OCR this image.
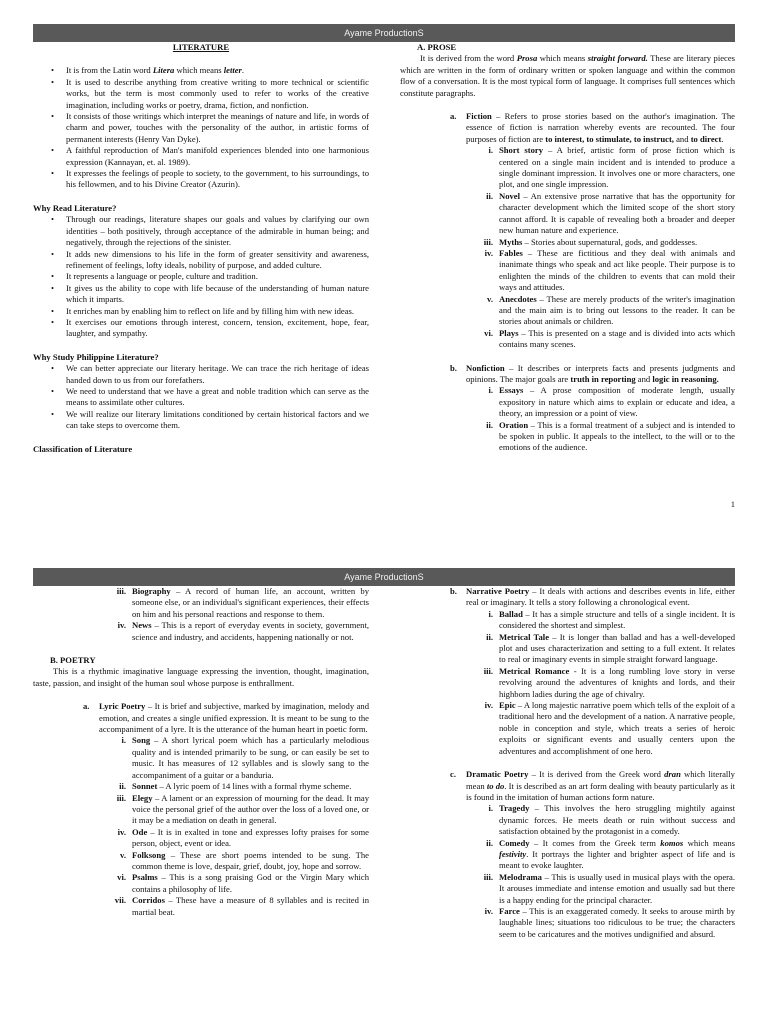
Ayame ProductionS

LITERATURE

• It is from the Latin word Litera which means letter.
• It is used to describe anything from creative writing to more technical or scientific works, but the term is most commonly used to refer to works of the creative imagination, including works or poetry, drama, fiction, and nonfiction.
• It consists of those writings which interpret the meanings of nature and life, in words of charm and power, touches with the personality of the author, in artistic forms of permanent interests (Henry Van Dyke).
• A faithful reproduction of Man's manifold experiences blended into one harmonious expression (Kannayan, et. al. 1989).
• It expresses the feelings of people to society, to the government, to his surroundings, to his fellowmen, and to his Divine Creator (Azurin).

Why Read Literature?

• Through our readings, literature shapes our goals and values by clarifying our own identities – both positively, through acceptance of the admirable in human being; and negatively, through the rejections of the sinister.
• It adds new dimensions to his life in the form of greater sensitivity and awareness, refinement of feelings, lofty ideals, nobility of purpose, and added culture.
• It represents a language or people, culture and tradition.
• It gives us the ability to cope with life because of the understanding of human nature which it imparts.
• It enriches man by enabling him to reflect on life and by filling him with new ideas.
• It exercises our emotions through interest, concern, tension, excitement, hope, fear, laughter, and sympathy.

Why Study Philippine Literature?

• We can better appreciate our literary heritage. We can trace the rich heritage of ideas handed down to us from our forefathers.
• We need to understand that we have a great and noble tradition which can serve as the means to assimilate other cultures.
• We will realize our literary limitations conditioned by certain historical factors and we can take steps to overcome them.

Classification of Literature

A. PROSE

It is derived from the word Prosa which means straight forward. These are literary pieces which are written in the form of ordinary written or spoken language and within the common flow of a conversation. It is the most typical form of language. It comprises full sentences which constitute paragraphs.

a. Fiction – Refers to prose stories based on the author's imagination. The essence of fiction is narration whereby events are recounted. The four purposes of fiction are to interest, to stimulate, to instruct, and to direct.

i. Short story – A brief, artistic form of prose fiction which is centered on a single main incident and is intended to produce a single dominant impression. It involves one or more characters, one plot, and one single impression.

ii. Novel – An extensive prose narrative that has the opportunity for character development which the limited scope of the short story cannot afford. It is capable of revealing both a broader and deeper new human nature and experience.

iii. Myths – Stories about supernatural, gods, and goddesses.

iv. Fables – These are fictitious and they deal with animals and inanimate things who speak and act like people. Their purpose is to enlighten the minds of the children to events that can mold their ways and attitudes.

v. Anecdotes – These are merely products of the writer's imagination and the main aim is to bring out lessons to the reader. It can be stories about animals or children.

vi. Plays – This is presented on a stage and is divided into acts which contains many scenes.

b. Nonfiction – It describes or interprets facts and presents judgments and opinions. The major goals are truth in reporting and logic in reasoning.

i. Essays – A prose composition of moderate length, usually expository in nature which aims to explain or educate and idea, a theory, an impression or a point of view.

ii. Oration – This is a formal treatment of a subject and is intended to be spoken in public. It appeals to the intellect, to the will or to the emotions of the audience.

1
Ayame ProductionS
iii. Biography – A record of human life, an account, written by someone else, or an individual's significant experiences, their effects on him and his personal reactions and response to them.

iv. News – This is a report of everyday events in society, government, science and industry, and accidents, happening nationally or not.

B. POETRY

This is a rhythmic imaginative language expressing the invention, thought, imagination, taste, passion, and insight of the human soul whose purpose is enthrallment.

a. Lyric Poetry – It is brief and subjective, marked by imagination, melody and emotion, and creates a single unified expression. It is meant to be sung to the accompaniment of a lyre. It is the utterance of the human heart in poetic form.

i. Song – A short lyrical poem which has a particularly melodious quality and is intended primarily to be sung, or can easily be set to music. It has measures of 12 syllables and is slowly sang to the accompaniment of a guitar or a banduria.

ii. Sonnet – A lyric poem of 14 lines with a formal rhyme scheme.

iii. Elegy – A lament or an expression of mourning for the dead. It may voice the personal grief of the author over the loss of a loved one, or it may be a mediation on death in general.

iv. Ode – It is in exalted in tone and expresses lofty praises for some person, object, event or idea.

v. Folksong – These are short poems intended to be sung. The common theme is love, despair, grief, doubt, joy, hope and sorrow.

vi. Psalms – This is a song praising God or the Virgin Mary which contains a philosophy of life.

vii. Corridos – These have a measure of 8 syllables and is recited in martial beat.

b. Narrative Poetry – It deals with actions and describes events in life, either real or imaginary. It tells a story following a chronological event.

i. Ballad – It has a simple structure and tells of a single incident. It is considered the shortest and simplest.

ii. Metrical Tale – It is longer than ballad and has a well-developed plot and uses characterization and setting to a full extent. It relates to real or imaginary events in simple straight forward language.

iii. Metrical Romance - It is a long rumbling love story in verse revolving around the adventures of knights and lords, and their highborn ladies during the age of chivalry.

iv. Epic – A long majestic narrative poem which tells of the exploit of a traditional hero and the development of a nation. A narrative people, noble in conception and style, which treats a series of heroic exploits or significant events and usually centers upon the adventures and accomplishment of one hero.

c. Dramatic Poetry – It is derived from the Greek word dran which literally mean to do. It is described as an art form dealing with beauty particularly as it is found in the imitation of human actions form nature.

i. Tragedy – This involves the hero struggling mightily against dynamic forces. He meets death or ruin without success and satisfaction obtained by the protagonist in a comedy.

ii. Comedy – It comes from the Greek term komos which means festivity. It portrays the lighter and brighter aspect of life and is meant to evoke laughter.

iii. Melodrama – This is usually used in musical plays with the opera. It arouses immediate and intense emotion and usually sad but there is a happy ending for the principal character.

iv. Farce – This is an exaggerated comedy. It seeks to arouse mirth by laughable lines; situations too ridiculous to be true; the characters seem to be caricatures and the motives undignified and absurd.
